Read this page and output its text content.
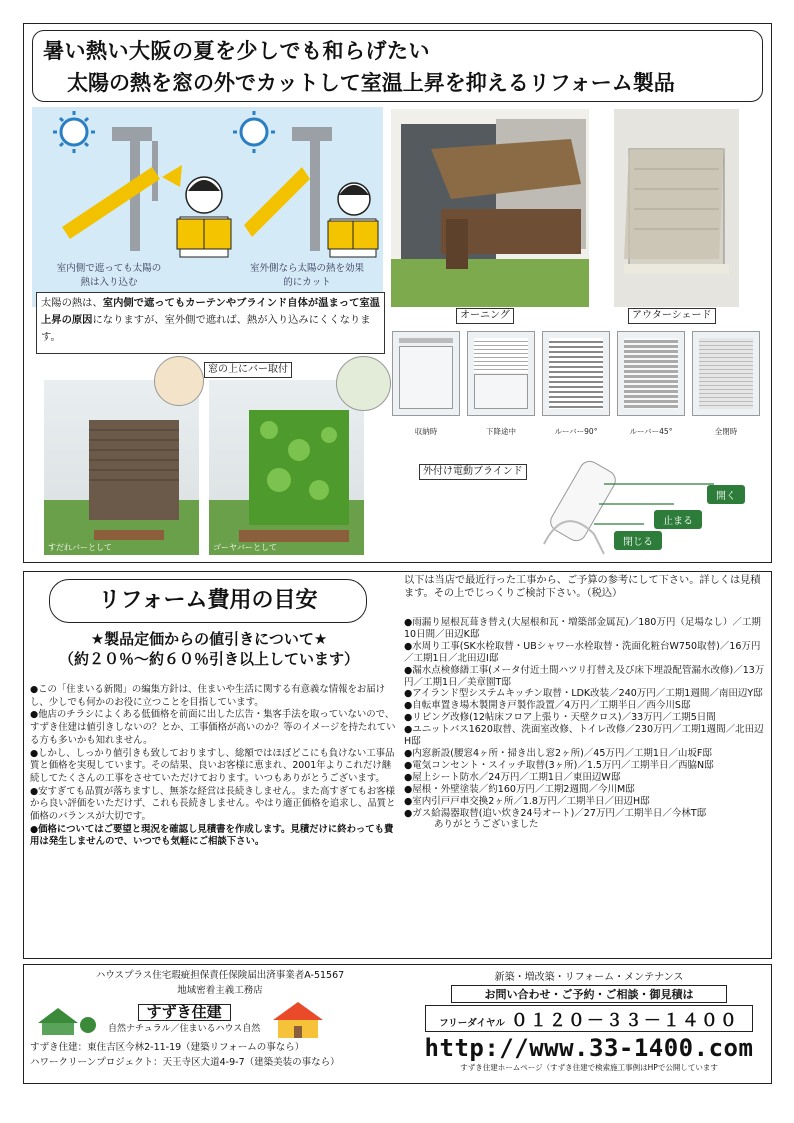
暑い熱い大阪の夏を少しでも和らげたい
太陽の熱を窓の外でカットして室温上昇を抑えるリフォーム製品
室内側で遮っても太陽の熱は入り込む
室外側なら太陽の熱を効果的にカット
太陽の熱は、室内側で遮ってもカーテンやブラインド自体が温まって室温上昇の原因になりますが、室外側で遮れば、熱が入り込みにくくなります。
すだれバーとして	ゴーヤバーとして
窓の上にバー取付
オーニング	アウターシェード
収納時	下降途中	ルーバー90°	ルーバー45°	全閉時
外付け電動ブラインド
開く
止まる
閉じる
リフォーム費用の目安
★製品定価からの値引きについて★
（約２０％～約６０％引き以上しています）

●この「住まいる新聞」の編集方針は、住まいや生活に関する有意義な情報をお届けし、少しでも何かのお役に立つことを目指しています。

●他店のチラシによくある低価格を前面に出した広告・集客手法を取っていないので、すずき住建は値引きしないの？とか、工事価格が高いのか？等のイメージを持たれている方も多いかも知れません。

●しかし、しっかり値引きも致しておりますし、総額ではほぼどこにも負けない工事品質と価格を実現しています。その結果、良いお客様に恵まれ、2001年よりこれだけ継続してたくさんの工事をさせていただけております。いつもありがとうございます。

●安すぎても品質が落ちますし、無茶な経営は長続きしません。また高すぎてもお客様から良い評価をいただけず、これも長続きしません。やはり適正価格を追求し、品質と価格のバランスが大切です。

●価格についてはご要望と現況を確認し見積書を作成します。見積だけに終わっても費用は発生しませんので、いつでも気軽にご相談下さい。

以下は当店で最近行った工事から、ご予算の参考にして下さい。詳しくは見積ます。その上でじっくりご検討下さい。（税込）
●雨漏り屋根瓦葺き替え(大屋根和瓦・増築部金属瓦)／180万円（足場なし）／工期10日間／田辺K邸
●水周り工事(SK水栓取替・UBシャワー水栓取替・洗面化粧台W750取替)／16万円／工期1日／北田辺I邸
●漏水点検修繕工事(メータ付近土間ハツリ打替え及び床下埋設配管漏水改修)／13万円／工期1日／美章園T邸
●アイランド型システムキッチン取替・LDK改装／240万円／工期1週間／南田辺Y邸
●自転車置き場木製開き戸製作設置／4万円／工期半日／西今川S邸
●リビング改修(12帖床フロア上張り・天壁クロス)／33万円／工期5日間
●ユニットバス1620取替、洗面室改修、トイレ改修／230万円／工期1週間／北田辺H邸
●内窓新設(腰窓4ヶ所・掃き出し窓2ヶ所)／45万円／工期1日／山坂F邸
●電気コンセント・スイッチ取替(3ヶ所)／1.5万円／工期半日／西脇N邸
●屋上シート防水／24万円／工期1日／東田辺W邸
●屋根・外壁塗装／約160万円／工期2週間／今川M邸
●室内引戸戸車交換2ヶ所／1.8万円／工期半日／田辺H邸
●ガス給湯器取替(追い炊き24号オート)／27万円／工期半日／今林T邸ありがとうございました
ハウスプラス住宅瑕疵担保責任保険届出済事業者A-51567
地域密着主義工務店
すずき住建
自然ナチュラル／住まいるハウス自然
すずき住建：東住吉区今林2-11-19（建築リフォームの事なら）
ハワークリーンプロジェクト：天王寺区大道4-9-7（建築美装の事なら）
新築・増改築・リフォーム・メンテナンス
お問い合わせ・ご予約・ご相談・御見積は
フリーダイヤル ０１２０－３３－１４００
http://www.33-1400.com
すずき住建ホームページ（すずき住建で検索施工事例はHPで公開しています
